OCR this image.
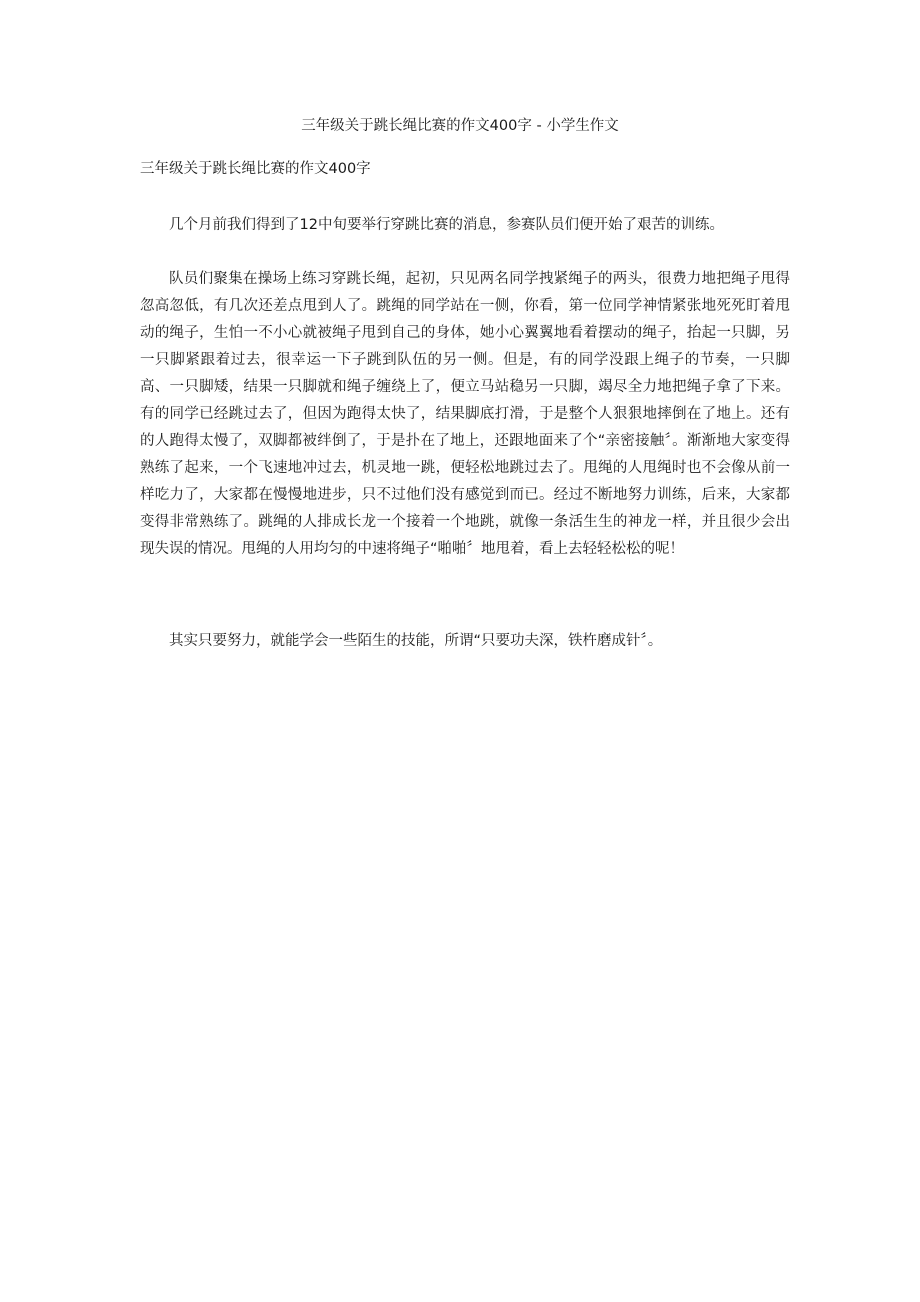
三年级关于跳长绳比赛的作文400字 - 小学生作文
三年级关于跳长绳比赛的作文400字

几个月前我们得到了12中旬要举行穿跳比赛的消息，参赛队员们便开始了艰苦的训练。

队员们聚集在操场上练习穿跳长绳，起初，只见两名同学拽紧绳子的两头，很费力地把绳子甩得忽高忽低，有几次还差点甩到人了。跳绳的同学站在一侧，你看，第一位同学神情紧张地死死盯着甩动的绳子，生怕一不小心就被绳子甩到自己的身体，她小心翼翼地看着摆动的绳子，抬起一只脚，另一只脚紧跟着过去，很幸运一下子跳到队伍的另一侧。但是，有的同学没跟上绳子的节奏，一只脚高、一只脚矮，结果一只脚就和绳子缠绕上了，便立马站稳另一只脚，竭尽全力地把绳子拿了下来。有的同学已经跳过去了，但因为跑得太快了，结果脚底打滑，于是整个人狠狠地摔倒在了地上。还有的人跑得太慢了，双脚都被绊倒了，于是扑在了地上，还跟地面来了个“亲密接触〞。渐渐地大家变得熟练了起来，一个飞速地冲过去，机灵地一跳，便轻松地跳过去了。甩绳的人甩绳时也不会像从前一样吃力了，大家都在慢慢地进步，只不过他们没有感觉到而已。经过不断地努力训练，后来，大家都变得非常熟练了。跳绳的人排成长龙一个接着一个地跳，就像一条活生生的神龙一样，并且很少会出现失误的情况。甩绳的人用均匀的中速将绳子“啪啪〞地甩着，看上去轻轻松松的呢！

其实只要努力，就能学会一些陌生的技能，所谓“只要功夫深，铁杵磨成针〞。
